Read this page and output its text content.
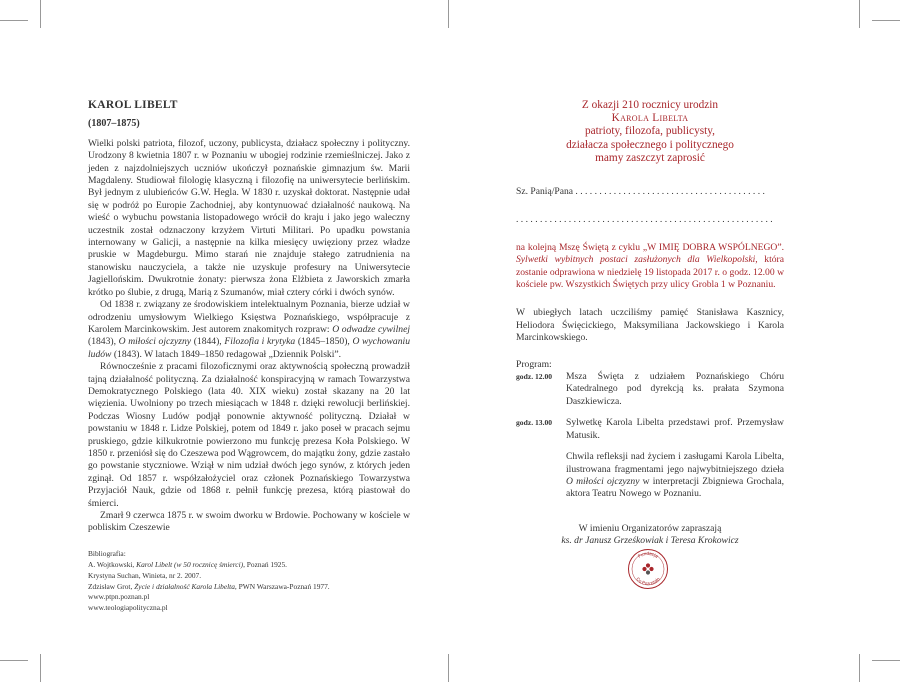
KAROL LIBELT
(1807–1875)

Wielki polski patriota, filozof, uczony, publicysta, działacz społeczny i polityczny. Urodzony 8 kwietnia 1807 r. w Poznaniu w ubogiej rodzinie rzemieślniczej. Jako z jeden z najzdolniejszych uczniów ukończył poznańskie gimnazjum św. Marii Magdaleny. Studiował filologię klasyczną i filozofię na uniwersytecie berlińskim. Był jednym z ulubieńców G.W. Hegla. W 1830 r. uzyskał doktorat. Następnie udał się w podróż po Europie Zachodniej, aby kontynuować działalność naukową. Na wieść o wybuchu powstania listopadowego wrócił do kraju i jako jego waleczny uczestnik został odznaczony krzyżem Virtuti Militari. Po upadku powstania internowany w Galicji, a następnie na kilka miesięcy uwięziony przez władze pruskie w Magdeburgu. Mimo starań nie znajduje stałego zatrudnienia na stanowisku nauczyciela, a także nie uzyskuje profesury na Uniwersytecie Jagiellońskim. Dwukrotnie żonaty: pierwsza żona Elżbieta z Jaworskich zmarła krótko po ślubie, z drugą, Marią z Szumanów, miał cztery córki i dwóch synów.

Od 1838 r. związany ze środowiskiem intelektualnym Poznania, bierze udział w odrodzeniu umysłowym Wielkiego Księstwa Poznańskiego, współpracuje z Karolem Marcinkowskim. Jest autorem znakomitych rozpraw: O odwadze cywilnej (1843), O miłości ojczyzny (1844), Filozofia i krytyka (1845–1850), O wychowaniu ludów (1843). W latach 1849–1850 redagował „Dziennik Polski”.

Równocześnie z pracami filozoficznymi oraz aktywnością społeczną prowadził tajną działalność polityczną. Za działalność konspiracyjną w ramach Towarzystwa Demokratycznego Polskiego (lata 40. XIX wieku) został skazany na 20 lat więzienia. Uwolniony po trzech miesiącach w 1848 r. dzięki rewolucji berlińskiej. Podczas Wiosny Ludów podjął ponownie aktywność polityczną. Działał w powstaniu w 1848 r. Lidze Polskiej, potem od 1849 r. jako poseł w pracach sejmu pruskiego, gdzie kilkukrotnie powierzono mu funkcję prezesa Koła Polskiego. W 1850 r. przeniósł się do Czeszewa pod Wągrowcem, do majątku żony, gdzie zastało go powstanie styczniowe. Wziął w nim udział dwóch jego synów, z których jeden zginął. Od 1857 r. współzałożyciel oraz członek Poznańskiego Towarzystwa Przyjaciół Nauk, gdzie od 1868 r. pełnił funkcję prezesa, którą piastował do śmierci.

Zmarł 9 czerwca 1875 r. w swoim dworku w Brdowie. Pochowany w kościele w pobliskim Czeszewie

Bibliografia:
A. Wojtkowski, Karol Libelt (w 50 rocznicę śmierci), Poznań 1925.
Krystyna Suchan, Winieta, nr 2. 2007.
Zdzisław Grot, Życie i działalność Karola Libelta, PWN Warszawa-Poznań 1977.
www.ptpn.poznan.pl
www.teologiapolityczna.pl
Z okazji 210 rocznicy urodzin
Karola Libelta
patrioty, filozofa, publicysty,
działacza społecznego i politycznego
mamy zaszczyt zaprosić
Sz. Panią/Pana . . . . . . . . . . . . . . . . . . . . . . . . . . . . . . . . . . . . . . . .
. . . . . . . . . . . . . . . . . . . . . . . . . . . . . . . . . . . . . . . . . . . . . . . . . . . . . .

na kolejną Mszę Świętą z cyklu „W IMIĘ DOBRA WSPÓLNEGO”. Sylwetki wybitnych postaci zasłużonych dla Wielkopolski, która zostanie odprawiona w niedzielę 19 listopada 2017 r. o godz. 12.00 w kościele pw. Wszystkich Świętych przy ulicy Grobla 1 w Poznaniu.

W ubiegłych latach uczciliśmy pamięć Stanisława Kasznicy, Heliodora Święcickiego, Maksymiliana Jackowskiego i Karola Marcinkowskiego.

Program:
godz. 12.00	Msza Święta z udziałem Poznańskiego Chóru Katedralnego pod dyrekcją ks. prałata Szymona Daszkiewicza.
godz. 13.00	Sylwetkę Karola Libelta przedstawi prof. Przemysław Matusik.
Chwila refleksji nad życiem i zasługami Karola Libelta, ilustrowana fragmentami jego najwybitniejszego dzieła O miłości ojczyzny w interpretacji Zbigniewa Grochala, aktora Teatru Nowego w Poznaniu.
W imieniu Organizatorów zapraszają
ks. dr Janusz Grześkowiak i Teresa Krokowicz
Fundacja
Co Pozostało
